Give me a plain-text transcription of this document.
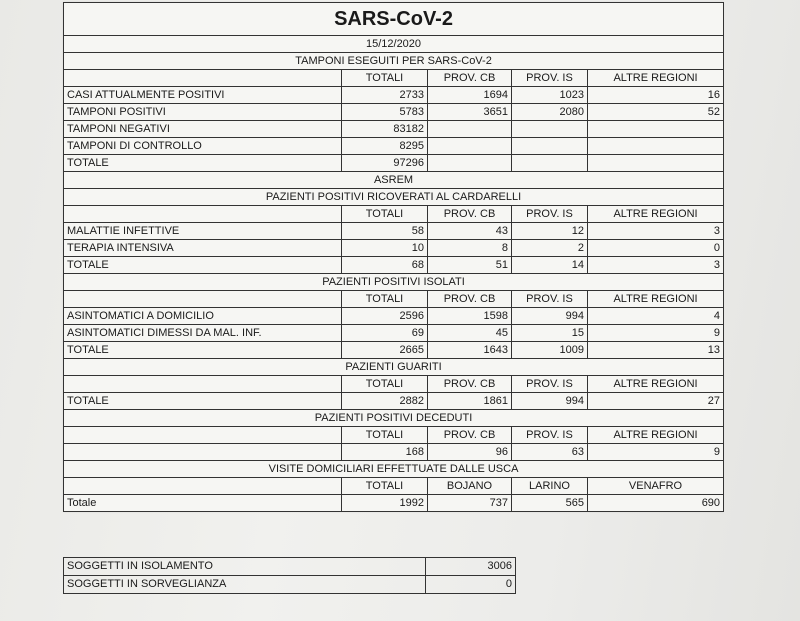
SARS-CoV-2				
15/12/2020				
TAMPONI ESEGUITI PER SARS-CoV-2				
	TOTALI	PROV. CB	PROV. IS	ALTRE REGIONI
CASI ATTUALMENTE POSITIVI	2733	1694	1023	16
TAMPONI POSITIVI	5783	3651	2080	52
TAMPONI NEGATIVI	83182			
TAMPONI DI CONTROLLO	8295			
TOTALE	97296			
ASREM				
PAZIENTI POSITIVI RICOVERATI AL CARDARELLI				
	TOTALI	PROV. CB	PROV. IS	ALTRE REGIONI
MALATTIE INFETTIVE	58	43	12	3
TERAPIA INTENSIVA	10	8	2	0
TOTALE	68	51	14	3
PAZIENTI POSITIVI ISOLATI				
	TOTALI	PROV. CB	PROV. IS	ALTRE REGIONI
ASINTOMATICI A DOMICILIO	2596	1598	994	4
ASINTOMATICI DIMESSI DA MAL. INF.	69	45	15	9
TOTALE	2665	1643	1009	13
PAZIENTI GUARITI				
	TOTALI	PROV. CB	PROV. IS	ALTRE REGIONI
TOTALE	2882	1861	994	27
PAZIENTI POSITIVI DECEDUTI				
	TOTALI	PROV. CB	PROV. IS	ALTRE REGIONI
	168	96	63	9
VISITE DOMICILIARI EFFETTUATE DALLE USCA				
	TOTALI	BOJANO	LARINO	VENAFRO
Totale	1992	737	565	690
SOGGETTI IN ISOLAMENTO	3006
SOGGETTI IN SORVEGLIANZA	0
